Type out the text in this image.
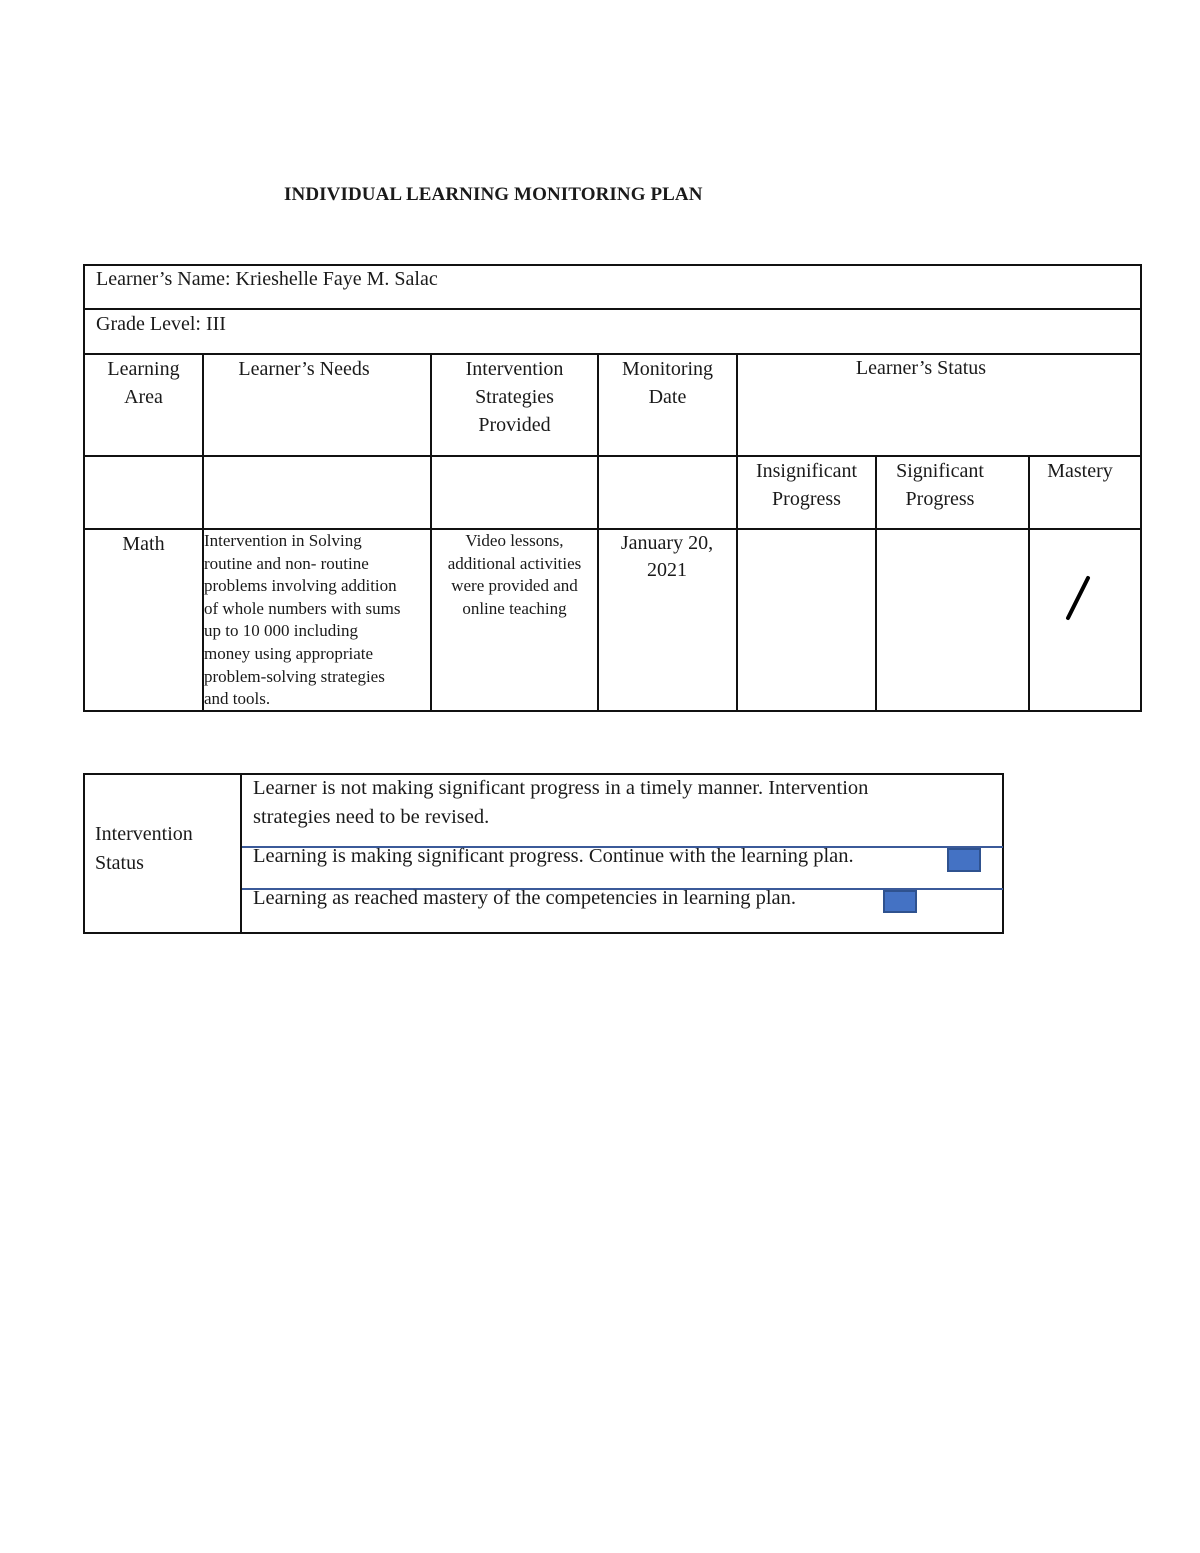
INDIVIDUAL LEARNING MONITORING PLAN
Learner’s Name: Krieshelle Faye M. Salac
Grade Level: III
Learning
Area
Learner’s Needs	Intervention
Strategies
Provided
Monitoring
Date
Learner’s Status
Insignificant
Progress
Significant
Progress
Mastery
Math	Intervention in Solving
routine and non- routine
problems involving addition
of whole numbers with sums
up to 10 000 including
money using appropriate
problem-solving strategies
and tools.
Video lessons,
additional activities
were provided and
online teaching
January 20,
2021
Intervention
Status
Learner is not making significant progress in a timely manner. Intervention
strategies need to be revised.
Learning is making significant progress. Continue with the learning plan.
Learning as reached mastery of the competencies in learning plan.
